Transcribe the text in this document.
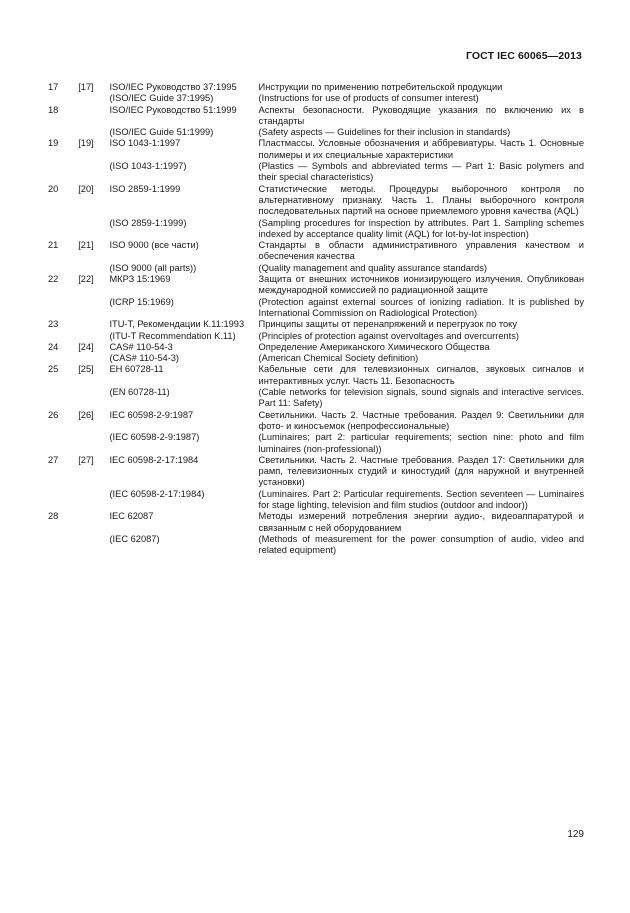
ГОСТ IEC 60065—2013
17	[17]	ISO/IEC Руководство 37:1995	Инструкции по применению потребительской продукции
		(ISO/IEC Guide 37:1995)	(Instructions for use of products of consumer interest)
18		ISO/IEC Руководство 51:1999	Аспекты безопасности. Руководящие указания по включению их в стандарты
		(ISO/IEC Guide 51:1999)	(Safety aspects — Guidelines for their inclusion in standards)
19	[19]	ISO 1043-1:1997	Пластмассы. Условные обозначения и аббревиатуры. Часть 1. Основные полимеры и их специальные характеристики
		(ISO 1043-1:1997)	(Plastics — Symbols and abbreviated terms — Part 1: Basic polymers and their special characteristics)
20	[20]	ISO 2859-1:1999	Статистические методы. Процедуры выборочного контроля по альтернативному признаку. Часть 1. Планы выборочного контроля последовательных партий на основе приемлемого уровня качества (AQL)
		(ISO 2859-1:1999)	(Sampling procedures for inspection by attributes. Part 1. Sampling schemes indexed by acceptance quality limit (AQL) for lot-by-lot inspection)
21	[21]	ISO 9000 (все части)	Стандарты в области административного управления качеством и обеспечения качества
		(ISO 9000 (all parts))	(Quality management and quality assurance standards)
22	[22]	МКРЗ 15:1969	Защита от внешних источников ионизирующего излучения. Опубликован международной комиссией по радиационной защите
		(ICRP 15:1969)	(Protection against external sources of ionizing radiation. It is published by International Commission on Radiological Protection)
23		ITU-T, Рекомендации К.11:1993	Принципы защиты от перенапряжений и перегрузок по току
		(ITU-T Recommendation K.11)	(Principles of protection against overvoltages and overcurrents)
24	[24]	CAS# 110-54-3	Определение Американского Химического Общества
		(CAS# 110-54-3)	(American Chemical Society definition)
25	[25]	EH 60728-11	Кабельные сети для телевизионных сигналов, звуковых сигналов и интерактивных услуг. Часть 11. Безопасность
		(EN 60728-11)	(Cable networks for television signals, sound signals and interactive services. Part 11: Safety)
26	[26]	IEC 60598-2-9:1987	Светильники. Часть 2. Частные требования. Раздел 9: Светильники для фото- и киносъемок (непрофессиональные)
		(IEC 60598-2-9:1987)	(Luminaires; part 2: particular requirements; section nine: photo and film luminaires (non-professional))
27	[27]	IEC 60598-2-17:1984	Светильники. Часть 2. Частные требования. Раздел 17: Светильники для рамп, телевизионных студий и киностудий (для наружной и внутренней установки)
		(IEC 60598-2-17:1984)	(Luminaires. Part 2: Particular requirements. Section seventeen — Luminaires for stage lighting, television and film studios (outdoor and indoor))
28		IEC 62087	Методы измерений потребления энергии аудио-, видеоаппаратурой и связанным с ней оборудованием
		(IEC 62087)	(Methods of measurement for the power consumption of audio, video and related equipment)
129
